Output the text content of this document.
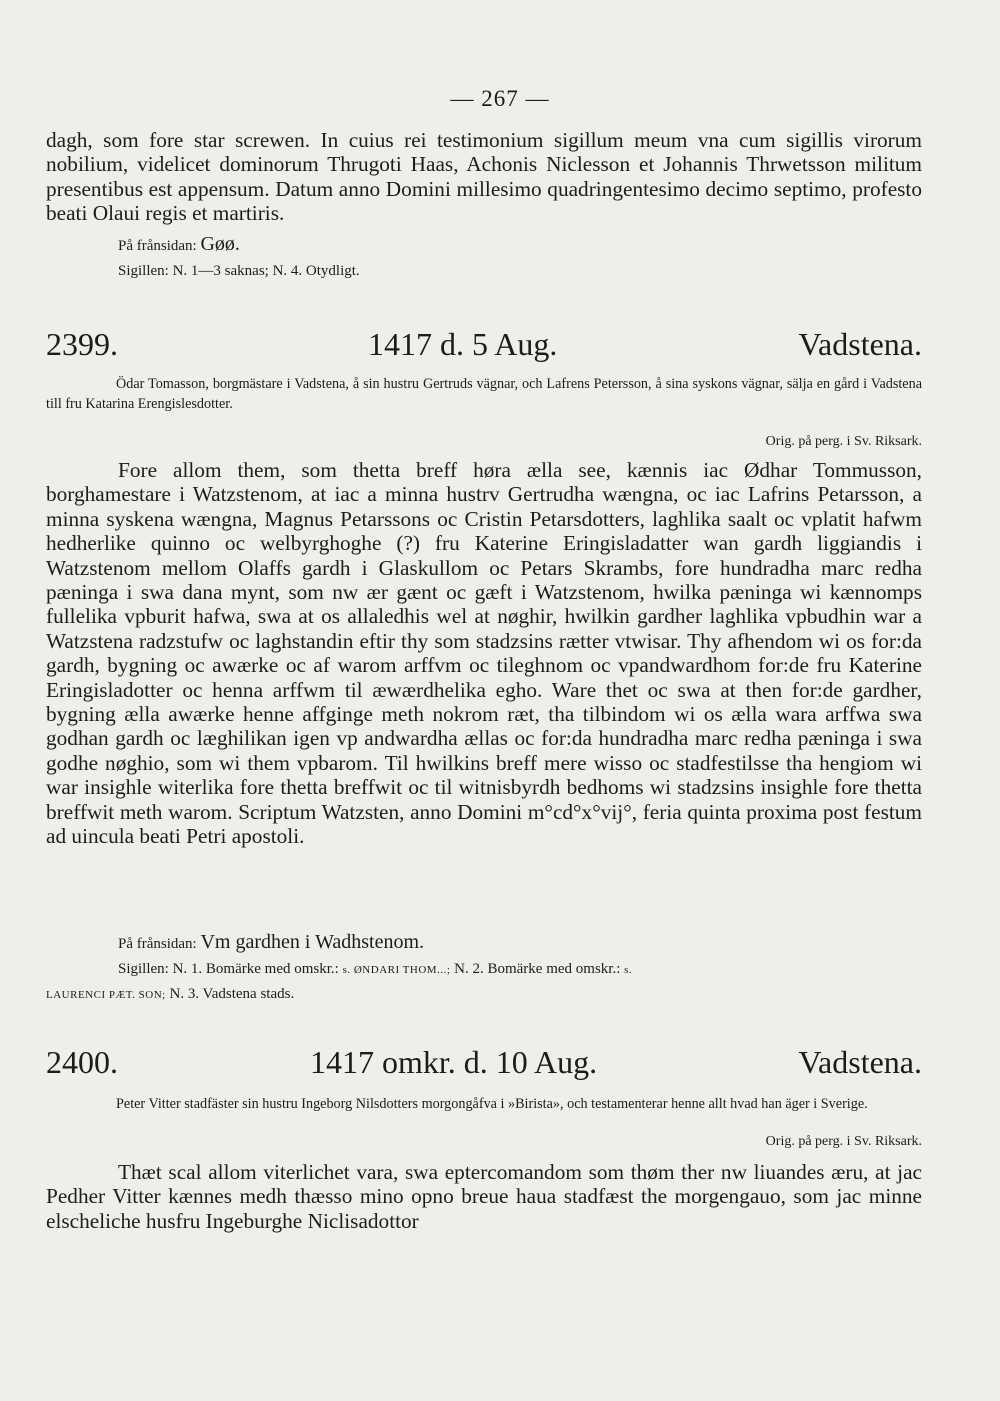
— 267 —

dagh, som fore star screwen. In cuius rei testimonium sigillum meum vna cum sigillis virorum nobilium, videlicet dominorum Thrugoti Haas, Achonis Niclesson et Johannis Thrwetsson militum presentibus est appensum. Datum anno Domini millesimo quadringentesimo decimo septimo, profesto beati Olaui regis et martiris.

På frånsidan: Gøø.

Sigillen: N. 1—3 saknas; N. 4. Otydligt.

2399.	1417 d. 5 Aug.	Vadstena.

Ödar Tomasson, borgmästare i Vadstena, å sin hustru Gertruds vägnar, och Lafrens Petersson, å sina syskons vägnar, sälja en gård i Vadstena till fru Katarina Erengislesdotter.

Orig. på perg. i Sv. Riksark.

Fore allom them, som thetta breff høra ælla see, kænnis iac Ødhar Tommusson, borghamestare i Watzstenom, at iac a minna hustrv Gertrudha wængna, oc iac Lafrins Petarsson, a minna syskena wængna, Magnus Petarssons oc Cristin Petarsdotters, laghlika saalt oc vplatit hafwm hedherlike quinno oc welbyrghoghe (?) fru Katerine Eringisladatter wan gardh liggiandis i Watzstenom mellom Olaffs gardh i Glaskullom oc Petars Skrambs, fore hundradha marc redha pæninga i swa dana mynt, som nw ær gænt oc gæft i Watzstenom, hwilka pæninga wi kænnomps fullelika vpburit hafwa, swa at os allaledhis wel at nøghir, hwilkin gardher laghlika vpbudhin war a Watzstena radzstufw oc laghstandin eftir thy som stadzsins rætter vtwisar. Thy afhendom wi os for:da gardh, bygning oc awærke oc af warom arffvm oc tileghnom oc vpandwardhom for:de fru Katerine Eringisladotter oc henna arffwm til æwærdhelika egho. Ware thet oc swa at then for:de gardher, bygning ælla awærke henne affginge meth nokrom ræt, tha tilbindom wi os ælla wara arffwa swa godhan gardh oc læghilikan igen vp andwardha ællas oc for:da hundradha marc redha pæninga i swa godhe nøghio, som wi them vpbarom. Til hwilkins breff mere wisso oc stadfestilsse tha hengiom wi war insighle witerlika fore thetta breffwit oc til witnisbyrdh bedhoms wi stadzsins insighle fore thetta breffwit meth warom. Scriptum Watzsten, anno Domini m°cd°x°vij°, feria quinta proxima post festum ad uincula beati Petri apostoli.

På frånsidan: Vm gardhen i Wadhstenom.

Sigillen: N. 1. Bomärke med omskr.: s. ØNDARI THOM...; N. 2. Bomärke med omskr.: s.

LAURENCI PÆT. SON; N. 3. Vadstena stads.

2400.	1417 omkr. d. 10 Aug.	Vadstena.

Peter Vitter stadfäster sin hustru Ingeborg Nilsdotters morgongåfva i »Birista», och testamenterar henne allt hvad han äger i Sverige.

Orig. på perg. i Sv. Riksark.

Thæt scal allom viterlichet vara, swa eptercomandom som thøm ther nw liuandes æru, at jac Pedher Vitter kænnes medh thæsso mino opno breue haua stadfæst the morgengauo, som jac minne elscheliche husfru Ingeburghe Niclisadottor
